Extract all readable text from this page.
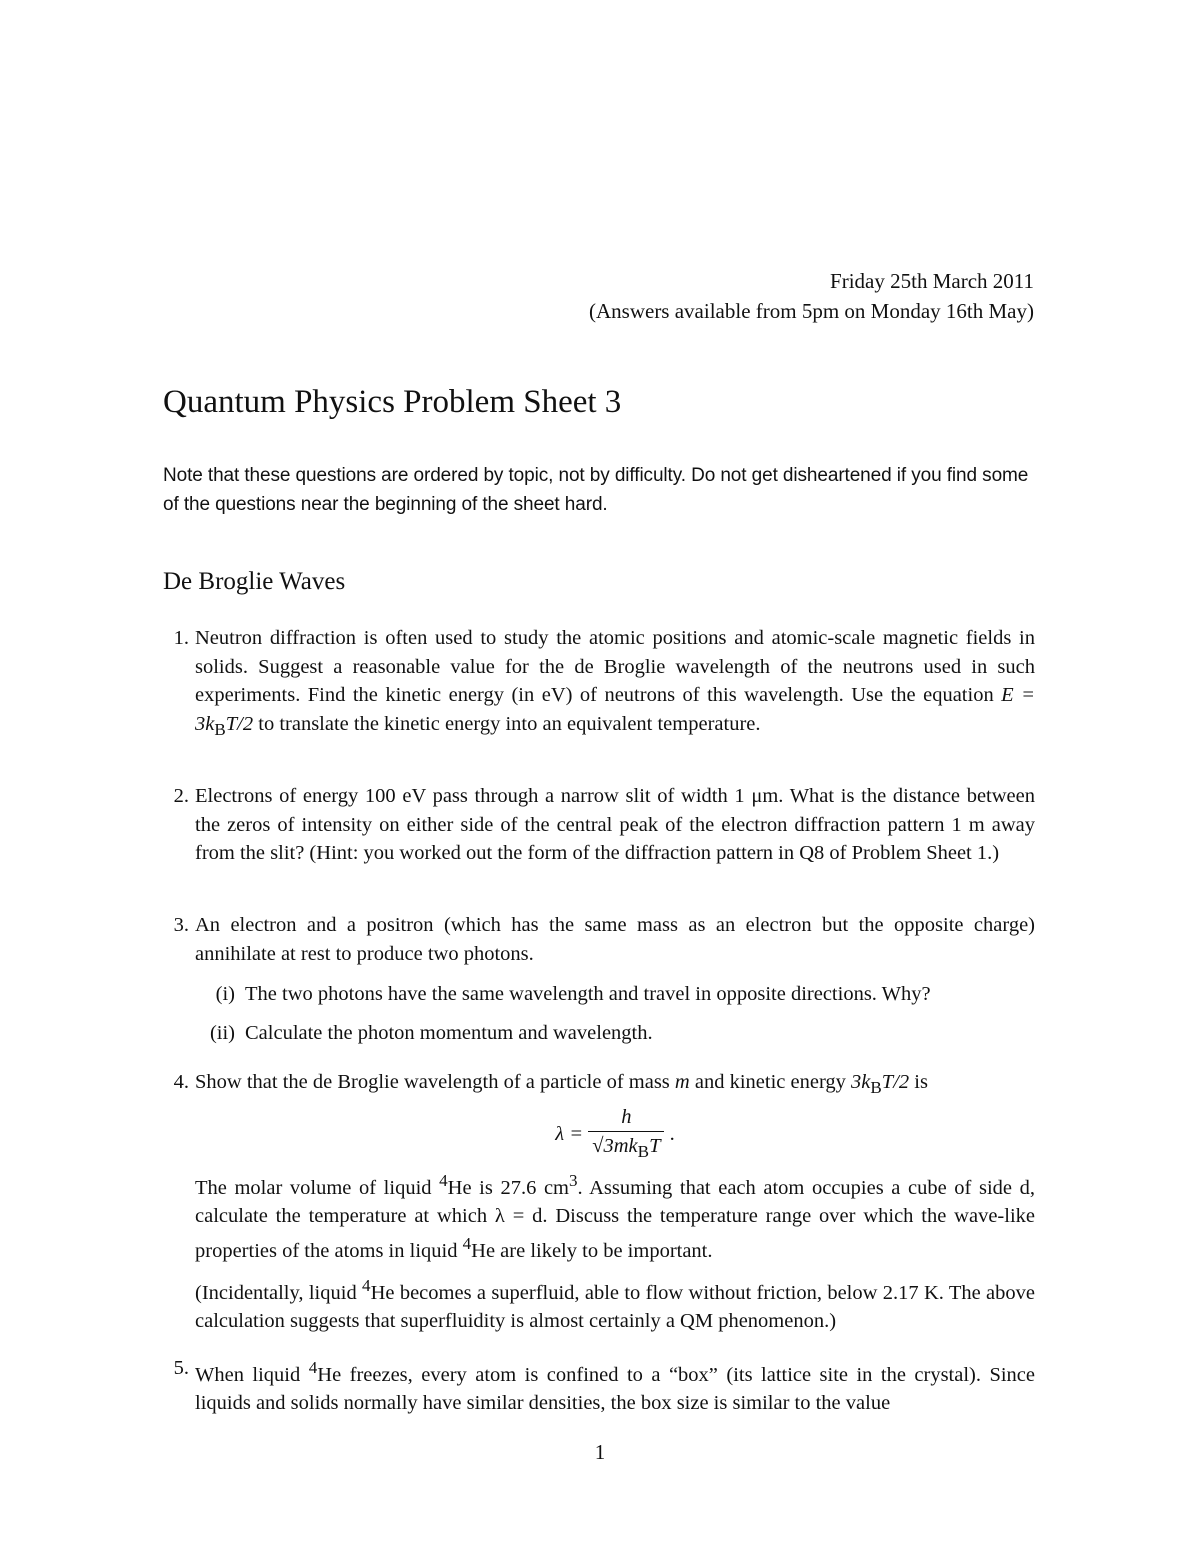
Friday 25th March 2011
(Answers available from 5pm on Monday 16th May)
Quantum Physics Problem Sheet 3
Note that these questions are ordered by topic, not by difficulty. Do not get disheartened if you find some of the questions near the beginning of the sheet hard.
De Broglie Waves
1. Neutron diffraction is often used to study the atomic positions and atomic-scale magnetic fields in solids. Suggest a reasonable value for the de Broglie wavelength of the neutrons used in such experiments. Find the kinetic energy (in eV) of neutrons of this wavelength. Use the equation $E = 3k_BT/2$ to translate the kinetic energy into an equivalent temperature.

2. Electrons of energy 100 eV pass through a narrow slit of width 1 μm. What is the distance between the zeros of intensity on either side of the central peak of the electron diffraction pattern 1 m away from the slit? (Hint: you worked out the form of the diffraction pattern in Q8 of Problem Sheet 1.)

3. An electron and a positron (which has the same mass as an electron but the opposite charge) annihilate at rest to produce two photons.

(i) The two photons have the same wavelength and travel in opposite directions. Why?
(ii) Calculate the photon momentum and wavelength.
4. Show that the de Broglie wavelength of a particle of mass m and kinetic energy $3k_BT/2$ is

$\lambda = \frac{h}{√3mk_BT}$ .

The molar volume of liquid $^4$He is 27.6 $cm^3$. Assuming that each atom occupies a cube of side d, calculate the temperature at which λ = d. Discuss the temperature range over which the wave-like properties of the atoms in liquid $^4$He are likely to be important.

(Incidentally, liquid $^4$He becomes a superfluid, able to flow without friction, below 2.17 K. The above calculation suggests that superfluidity is almost certainly a QM phenomenon.)

5. When liquid $^4$He freezes, every atom is confined to a “box” (its lattice site in the crystal). Since liquids and solids normally have similar densities, the box size is similar to the value

1
